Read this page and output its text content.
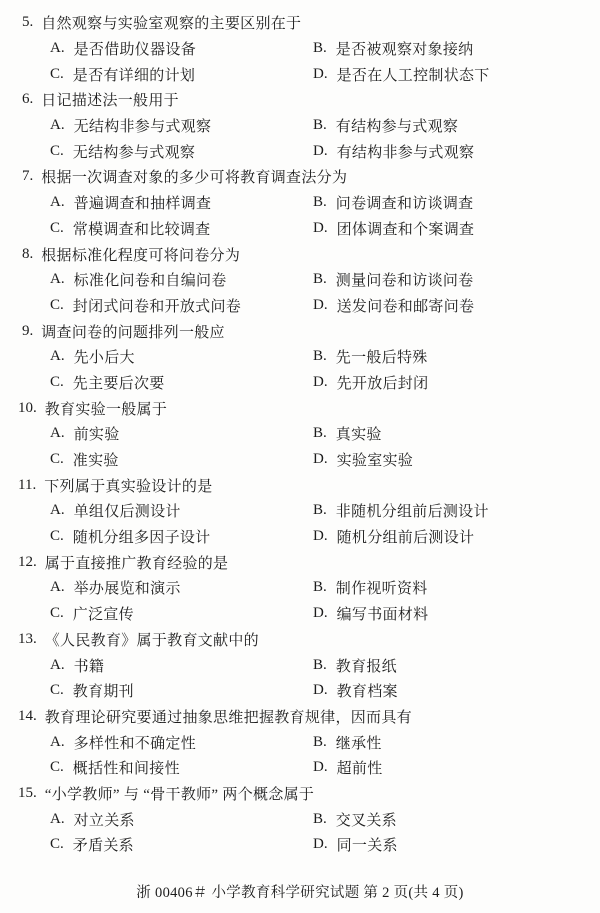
5. 自然观察与实验室观察的主要区别在于
A. 是否借助仪器设备	B. 是否被观察对象接纳
C. 是否有详细的计划	D. 是否在人工控制状态下
6. 日记描述法一般用于
A. 无结构非参与式观察	B. 有结构参与式观察
C. 无结构参与式观察	D. 有结构非参与式观察
7. 根据一次调查对象的多少可将教育调查法分为
A. 普遍调查和抽样调查	B. 问卷调查和访谈调查
C. 常模调查和比较调查	D. 团体调查和个案调查
8. 根据标准化程度可将问卷分为
A. 标准化问卷和自编问卷	B. 测量问卷和访谈问卷
C. 封闭式问卷和开放式问卷	D. 送发问卷和邮寄问卷
9. 调查问卷的问题排列一般应
A. 先小后大	B. 先一般后特殊
C. 先主要后次要	D. 先开放后封闭
10. 教育实验一般属于
A. 前实验	B. 真实验
C. 准实验	D. 实验室实验
11. 下列属于真实验设计的是
A. 单组仅后测设计	B. 非随机分组前后测设计
C. 随机分组多因子设计	D. 随机分组前后测设计
12. 属于直接推广教育经验的是
A. 举办展览和演示	B. 制作视听资料
C. 广泛宣传	D. 编写书面材料
13. 《人民教育》属于教育文献中的
A. 书籍	B. 教育报纸
C. 教育期刊	D. 教育档案
14. 教育理论研究要通过抽象思维把握教育规律，因而具有
A. 多样性和不确定性	B. 继承性
C. 概括性和间接性	D. 超前性
15. “小学教师” 与 “骨干教师” 两个概念属于
A. 对立关系	B. 交叉关系
C. 矛盾关系	D. 同一关系
浙 00406＃ 小学教育科学研究试题 第 2 页(共 4 页)
